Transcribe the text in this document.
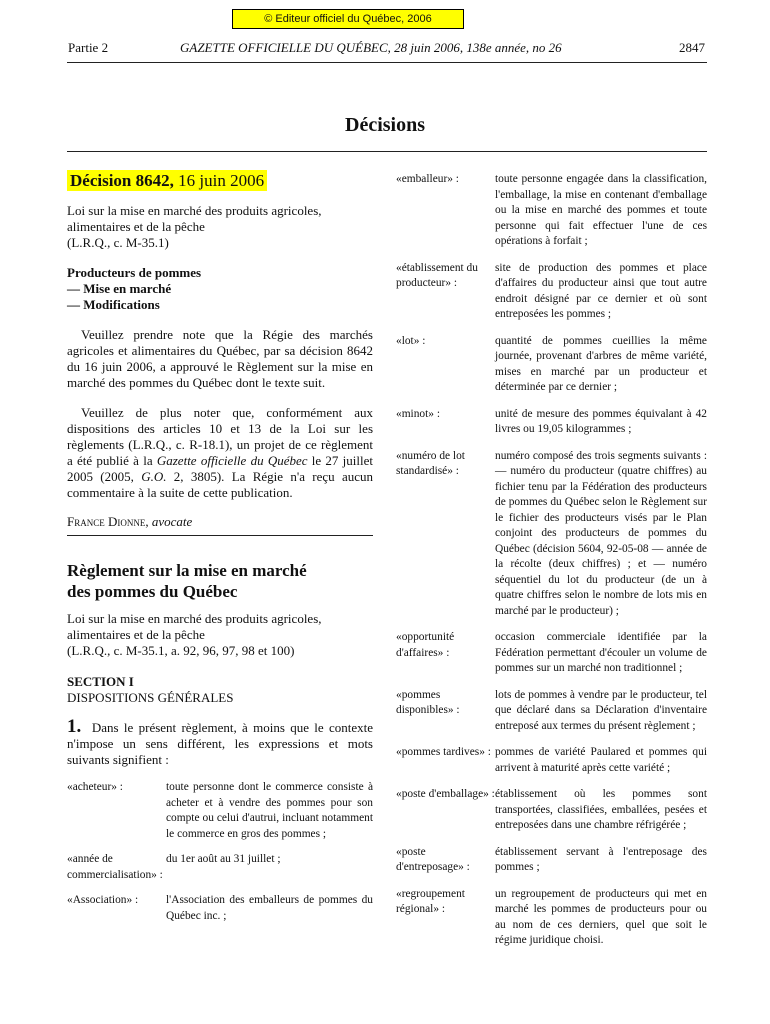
© Editeur officiel du Québec, 2006
Partie 2	GAZETTE OFFICIELLE DU QUÉBEC, 28 juin 2006, 138e année, no 26	2847
Décisions
Décision 8642, 16 juin 2006

Loi sur la mise en marché des produits agricoles, alimentaires et de la pêche

(L.R.Q., c. M-35.1)

Producteurs de pommes
— Mise en marché
— Modifications

Veuillez prendre note que la Régie des marchés agricoles et alimentaires du Québec, par sa décision 8642 du 16 juin 2006, a approuvé le Règlement sur la mise en marché des pommes du Québec dont le texte suit.

Veuillez de plus noter que, conformément aux dispositions des articles 10 et 13 de la Loi sur les règlements (L.R.Q., c. R-18.1), un projet de ce règlement a été publié à la Gazette officielle du Québec le 27 juillet 2005 (2005, G.O. 2, 3805). La Régie n'a reçu aucun commentaire à la suite de cette publication.

France Dionne, avocate
Règlement sur la mise en marché
des pommes du Québec

Loi sur la mise en marché des produits agricoles, alimentaires et de la pêche

(L.R.Q., c. M-35.1, a. 92, 96, 97, 98 et 100)

SECTION I
DISPOSITIONS GÉNÉRALES

1. Dans le présent règlement, à moins que le contexte n'impose un sens différent, les expressions et mots suivants signifient :

«acheteur» :	toute personne dont le commerce consiste à acheter et à vendre des pommes pour son compte ou celui d'autrui, incluant notamment le commerce en gros des pommes ;
«année de commercialisation» :
du 1er août au 31 juillet ;
«Association» :	l'Association des emballeurs de pommes du Québec inc. ;
«emballeur» :	toute personne engagée dans la classification, l'emballage, la mise en contenant d'emballage ou la mise en marché des pommes et toute personne qui fait effectuer l'une de ces opérations à forfait ;
«établissement du producteur» :
site de production des pommes et place d'affaires du producteur ainsi que tout autre endroit désigné par ce dernier et où sont entreposées les pommes ;
«lot» :	quantité de pommes cueillies la même journée, provenant d'arbres de même variété, mises en marché par un producteur et déterminée par ce dernier ;
«minot» :	unité de mesure des pommes équivalant à 42 livres ou 19,05 kilogrammes ;
«numéro de lot standardisé» :
numéro composé des trois segments suivants : — numéro du producteur (quatre chiffres) au fichier tenu par la Fédération des producteurs de pommes du Québec selon le Règlement sur le fichier des producteurs visés par le Plan conjoint des producteurs de pommes du Québec (décision 5604, 92-05-08 — année de la récolte (deux chiffres) ; et — numéro séquentiel du lot du producteur (de un à quatre chiffres selon le nombre de lots mis en marché par le producteur) ;
«opportunité d'affaires» :
occasion commerciale identifiée par la Fédération permettant d'écouler un volume de pommes sur un marché non traditionnel ;
«pommes disponibles» :
lots de pommes à vendre par le producteur, tel que déclaré dans sa Déclaration d'inventaire entreposé aux termes du présent règlement ;
«pommes tardives» : pommes de variété Paulared et pommes qui arrivent à maturité après cette variété ;
«poste d'emballage» : établissement où les pommes sont transportées, classifiées, emballées, pesées et entreposées dans une chambre réfrigérée ;
«poste d'entreposage» :
établissement servant à l'entreposage des pommes ;
«regroupement régional» :
un regroupement de producteurs qui met en marché les pommes de producteurs pour ou au nom de ces derniers, quel que soit le régime juridique choisi.
